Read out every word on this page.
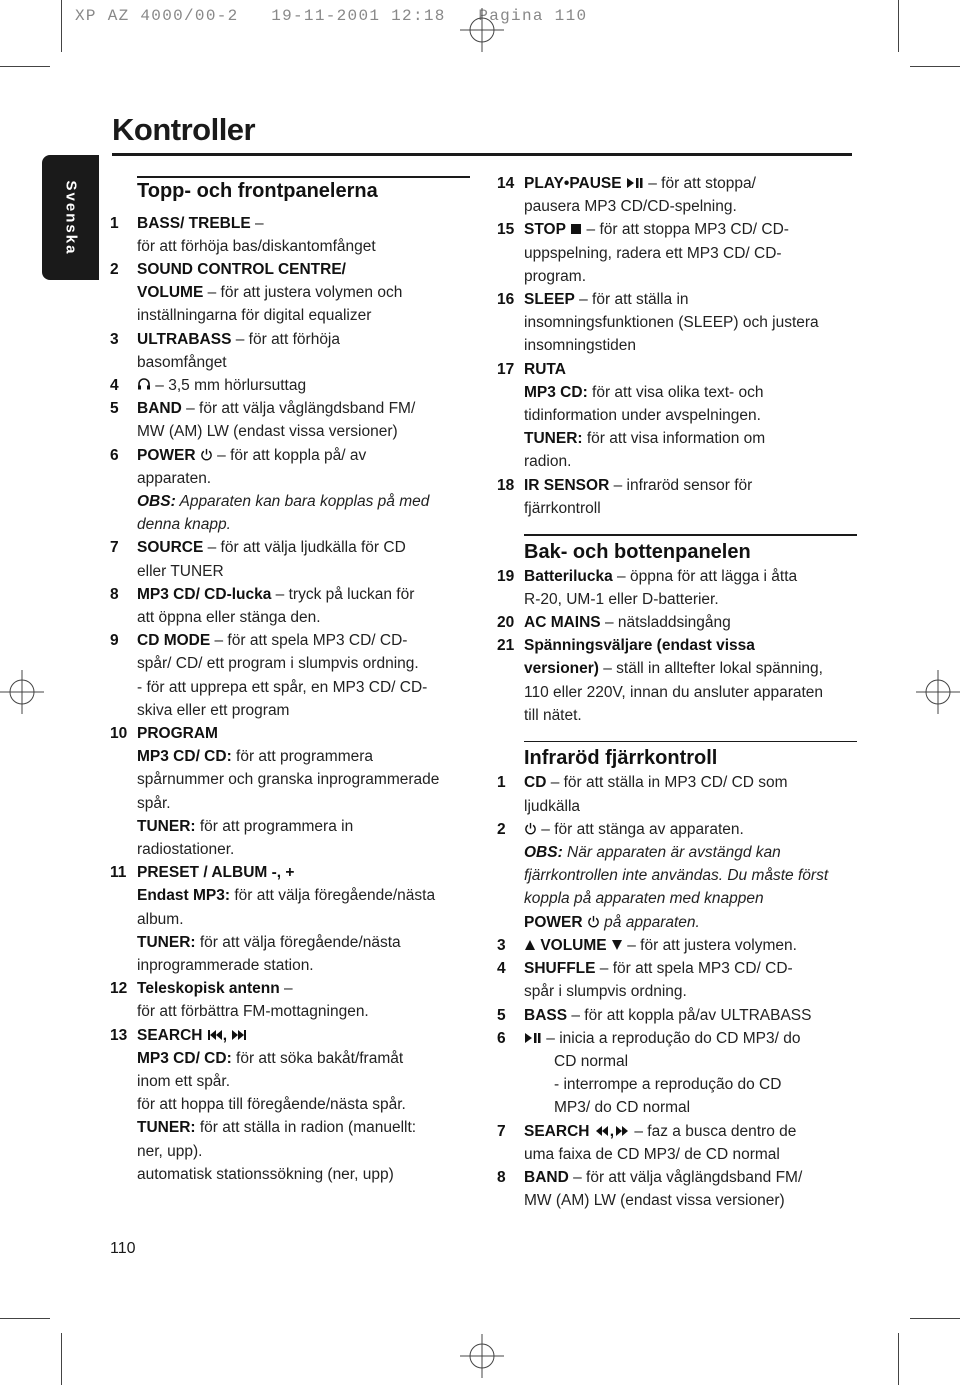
XP AZ 4000/00-2   19-11-2001 12:18   Pagina 110
Kontroller
Svenska	Topp- och frontpanelerna
1	BASS/ TREBLE –
för att förhöja bas/diskantomfånget
2	SOUND CONTROL CENTRE/
VOLUME – för att justera volymen och
inställningarna för digital equalizer
3	ULTRABASS – för att förhöja
basomfånget
4	– 3,5 mm hörlursuttag
5	BAND – för att välja våglängdsband FM/
MW (AM) LW (endast vissa versioner)
6	POWER  – för att koppla på/ av
apparaten.
OBS: Apparaten kan bara kopplas på med
denna knapp.
7	SOURCE – för att välja ljudkälla för CD
eller TUNER
8	MP3 CD/ CD-lucka – tryck på luckan för
att öppna eller stänga den.
9	CD MODE – för att spela MP3 CD/ CD-
spår/ CD/ ett program i slumpvis ordning.
- för att upprepa ett spår, en MP3 CD/ CD-
skiva eller ett program
10 PROGRAM
MP3 CD/ CD: för att programmera
spårnummer och granska inprogrammerade
spår.
TUNER: för att programmera in
radiostationer.
11 PRESET / ALBUM -, +
Endast MP3: för att välja föregående/nästa
album.
TUNER: för att välja föregående/nästa
inprogrammerade station.
12 Teleskopisk antenn –
för att förbättra FM-mottagningen.
13 SEARCH ,
MP3 CD/ CD: för att söka bakåt/framåt
inom ett spår.
för att hoppa till föregående/nästa spår.
TUNER: för att ställa in radion (manuellt:
ner, upp).
automatisk stationssökning (ner, upp)
14 PLAY•PAUSE  – för att stoppa/
pausera MP3 CD/CD-spelning.
15 STOP  – för att stoppa MP3 CD/ CD-
uppspelning, radera ett MP3 CD/ CD-
program.
16 SLEEP – för att ställa in
insomningsfunktionen (SLEEP) och justera
insomningstiden
17 RUTA
MP3 CD: för att visa olika text- och
tidinformation under avspelningen.
TUNER: för att visa information om
radion.
18 IR SENSOR – infraröd sensor för
fjärrkontroll
Bak- och bottenpanelen
19 Batterilucka – öppna för att lägga i åtta
R-20, UM-1 eller D-batterier.
20 AC MAINS – nätsladdsingång
21 Spänningsväljare (endast vissa
versioner) – ställ in alltefter lokal spänning,
110 eller 220V, innan du ansluter apparaten
till nätet.
Infraröd fjärrkontroll
1	CD – för att ställa in MP3 CD/ CD som
ljudkälla
2	– för att stänga av apparaten.
OBS: När apparaten är avstängd kan
fjärrkontrollen inte användas. Du måste först
koppla på apparaten med knappen
POWER  på apparaten.
3	VOLUME  – för att justera volymen.
4	SHUFFLE – för att spela MP3 CD/ CD-
spår i slumpvis ordning.
5	BASS – för att koppla på/av ULTRABASS
6	– inicia a reprodução do CD MP3/ do
CD normal
- interrompe a reprodução do CD
MP3/ do CD normal
7	SEARCH , – faz a busca dentro de
uma faixa de CD MP3/ de CD normal
8	BAND – för att välja våglängdsband FM/
MW (AM) LW (endast vissa versioner)
110
